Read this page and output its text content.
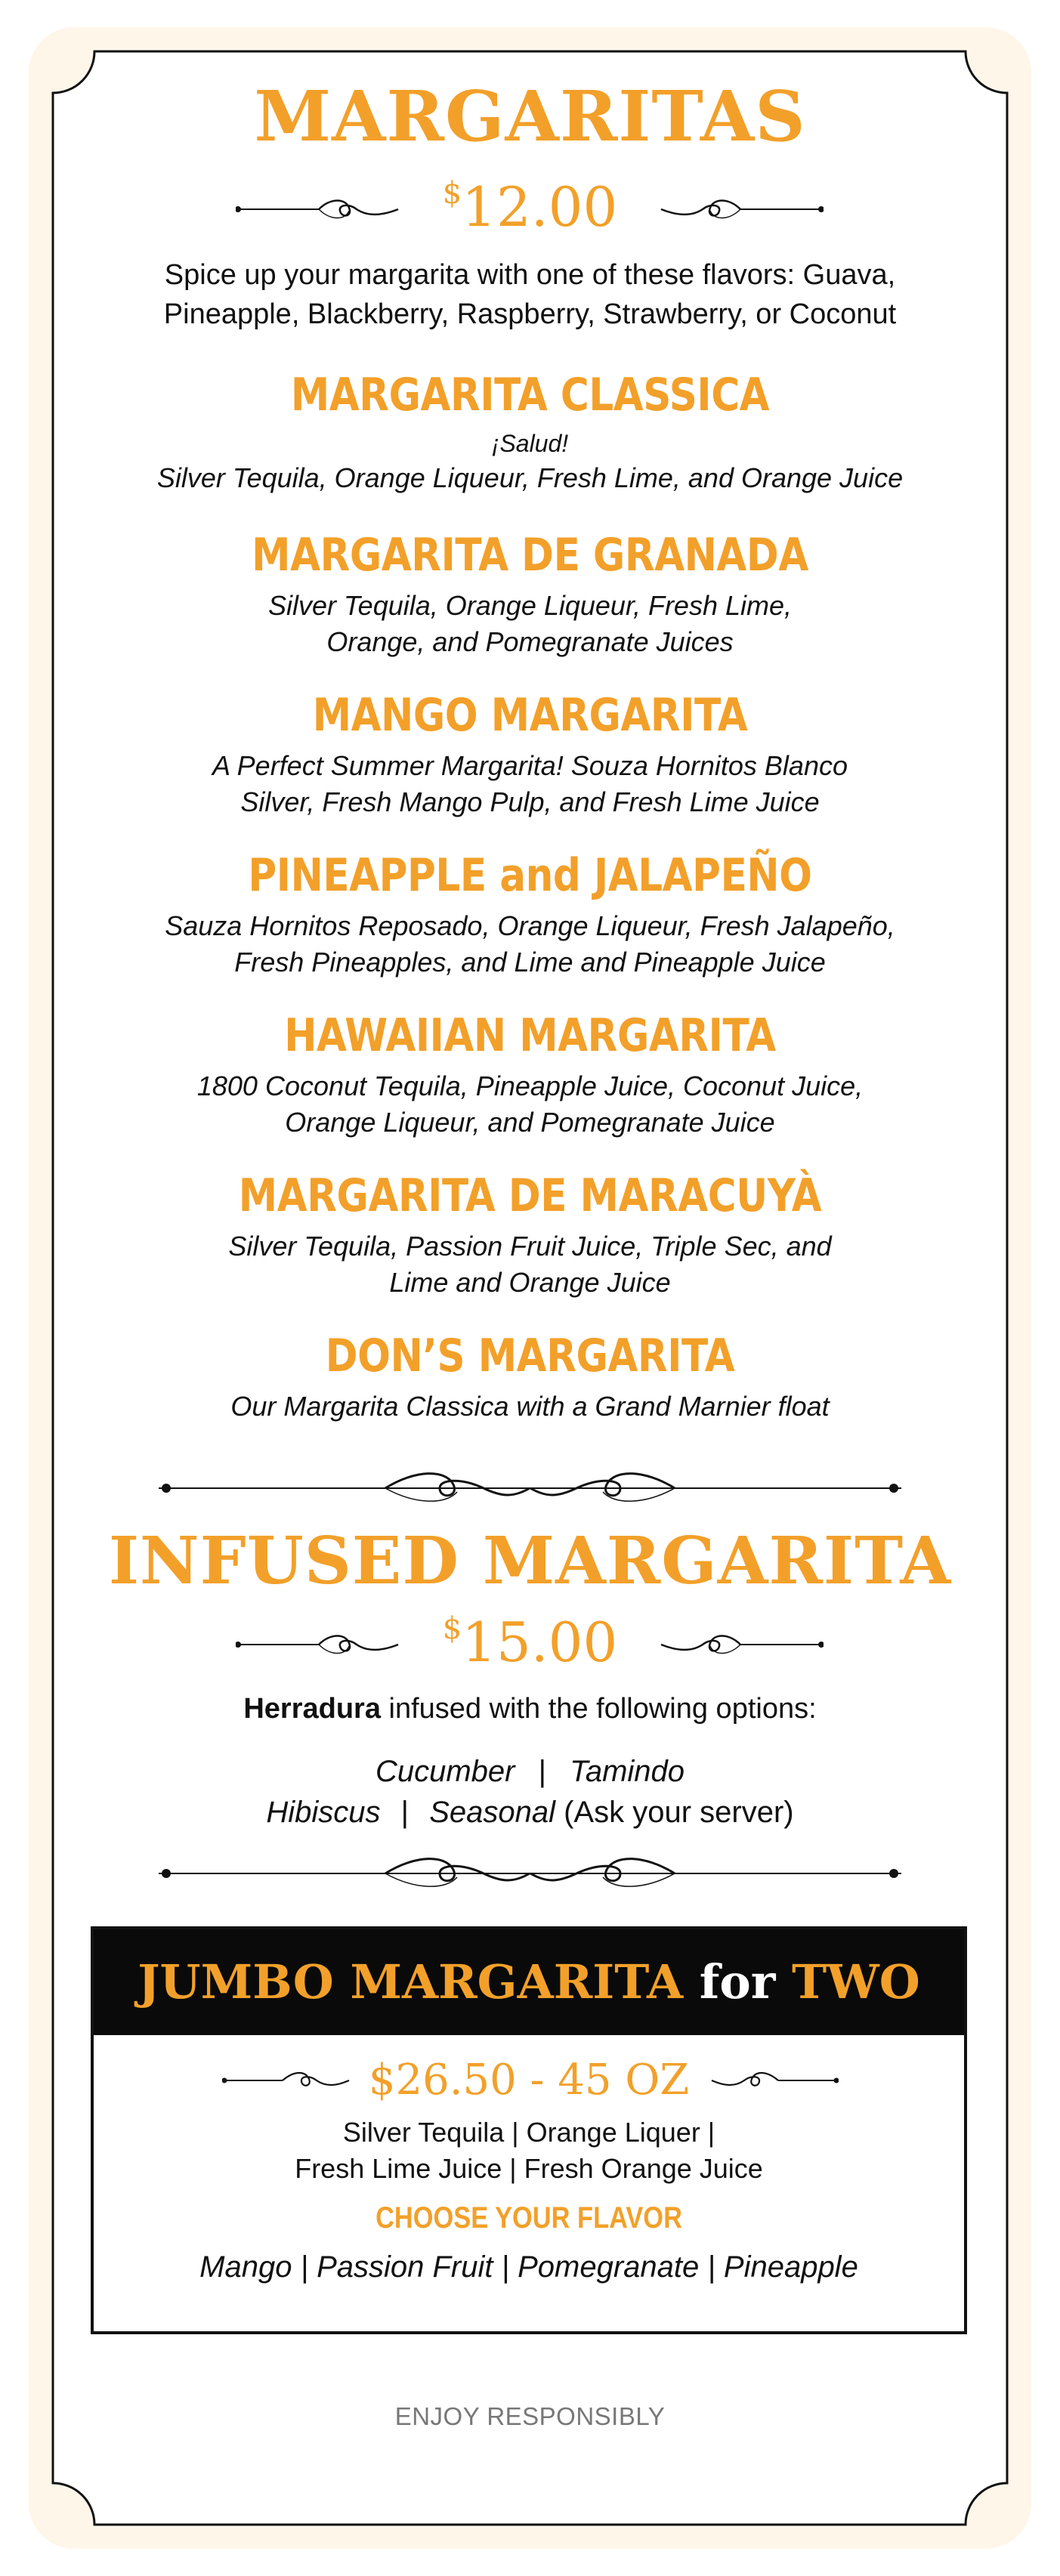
MARGARITAS
$12.00
Spice up your margarita with one of these flavors: Guava,
Pineapple, Blackberry, Raspberry, Strawberry, or Coconut
MARGARITA CLASSICA
¡Salud!
Silver Tequila, Orange Liqueur, Fresh Lime, and Orange Juice
MARGARITA DE GRANADA
Silver Tequila, Orange Liqueur, Fresh Lime,
Orange, and Pomegranate Juices
MANGO MARGARITA
A Perfect Summer Margarita! Souza Hornitos Blanco
Silver, Fresh Mango Pulp, and Fresh Lime Juice
PINEAPPLE and JALAPEÑO
Sauza Hornitos Reposado, Orange Liqueur, Fresh Jalapeño,
Fresh Pineapples, and Lime and Pineapple Juice
HAWAIIAN MARGARITA
1800 Coconut Tequila, Pineapple Juice, Coconut Juice,
Orange Liqueur, and Pomegranate Juice
MARGARITA DE MARACUYÀ
Silver Tequila, Passion Fruit Juice, Triple Sec, and
Lime and Orange Juice
DON’S MARGARITA
Our Margarita Classica with a Grand Marnier float
INFUSED MARGARITA
$15.00
Herradura infused with the following options:
Cucumber | Tamindo
Hibiscus | Seasonal (Ask your server)
JUMBO MARGARITA for TWO
$26.50 - 45 OZ
Silver Tequila | Orange Liquer |
Fresh Lime Juice | Fresh Orange Juice
CHOOSE YOUR FLAVOR
Mango | Passion Fruit | Pomegranate | Pineapple
ENJOY RESPONSIBLY
